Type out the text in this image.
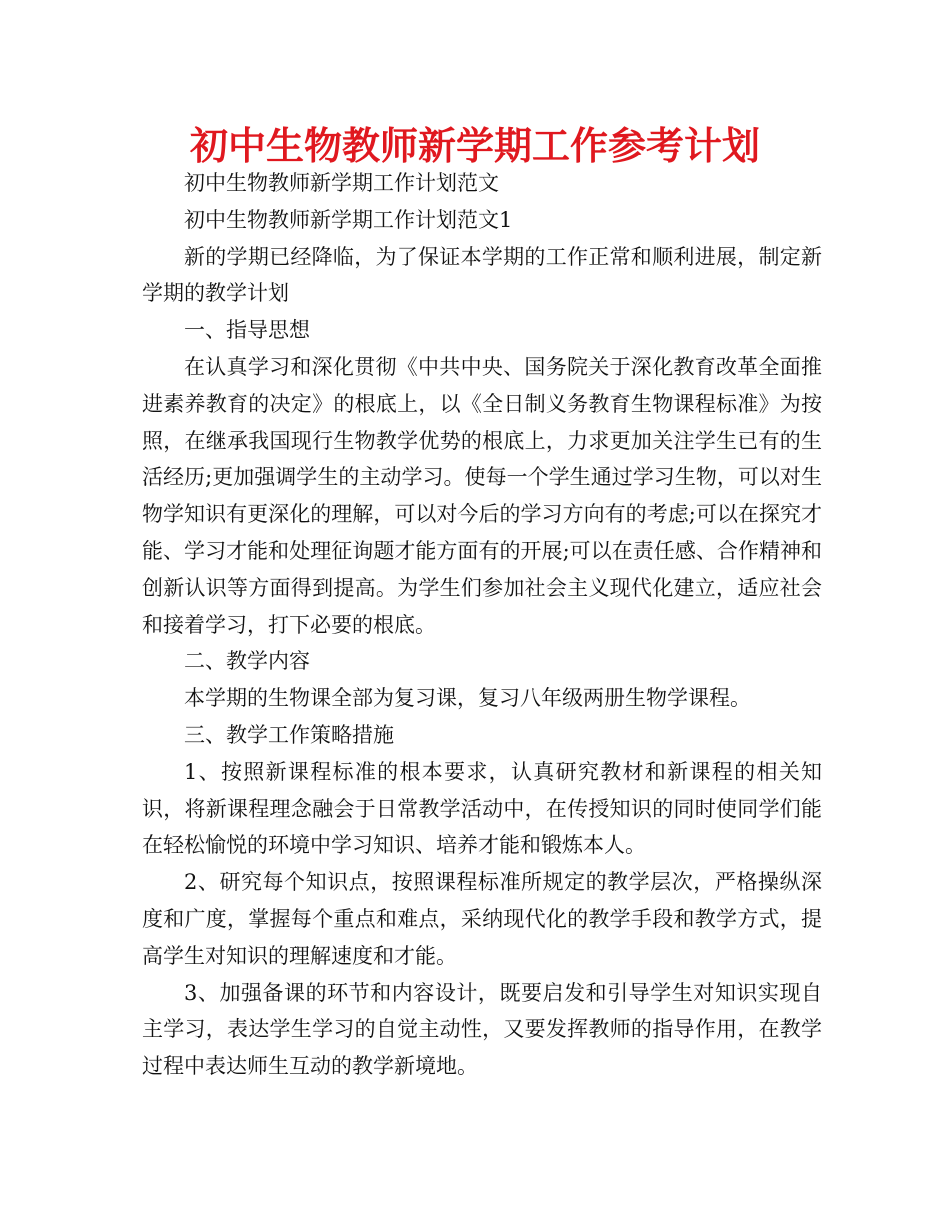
初中生物教师新学期工作参考计划

初中生物教师新学期工作计划范文

初中生物教师新学期工作计划范文1

新的学期已经降临，为了保证本学期的工作正常和顺利进展，制定新学期的教学计划

一、指导思想

在认真学习和深化贯彻《中共中央、国务院关于深化教育改革全面推进素养教育的决定》的根底上，以《全日制义务教育生物课程标准》为按照，在继承我国现行生物教学优势的根底上，力求更加关注学生已有的生活经历;更加强调学生的主动学习。使每一个学生通过学习生物，可以对生物学知识有更深化的理解，可以对今后的学习方向有的考虑;可以在探究才能、学习才能和处理征询题才能方面有的开展;可以在责任感、合作精神和创新认识等方面得到提高。为学生们参加社会主义现代化建立，适应社会和接着学习，打下必要的根底。

二、教学内容

本学期的生物课全部为复习课，复习八年级两册生物学课程。

三、教学工作策略措施

1、按照新课程标准的根本要求，认真研究教材和新课程的相关知识，将新课程理念融会于日常教学活动中，在传授知识的同时使同学们能在轻松愉悦的环境中学习知识、培养才能和锻炼本人。

2、研究每个知识点，按照课程标准所规定的教学层次，严格操纵深度和广度，掌握每个重点和难点，采纳现代化的教学手段和教学方式，提高学生对知识的理解速度和才能。

3、加强备课的环节和内容设计，既要启发和引导学生对知识实现自主学习，表达学生学习的自觉主动性，又要发挥教师的指导作用，在教学过程中表达师生互动的教学新境地。
